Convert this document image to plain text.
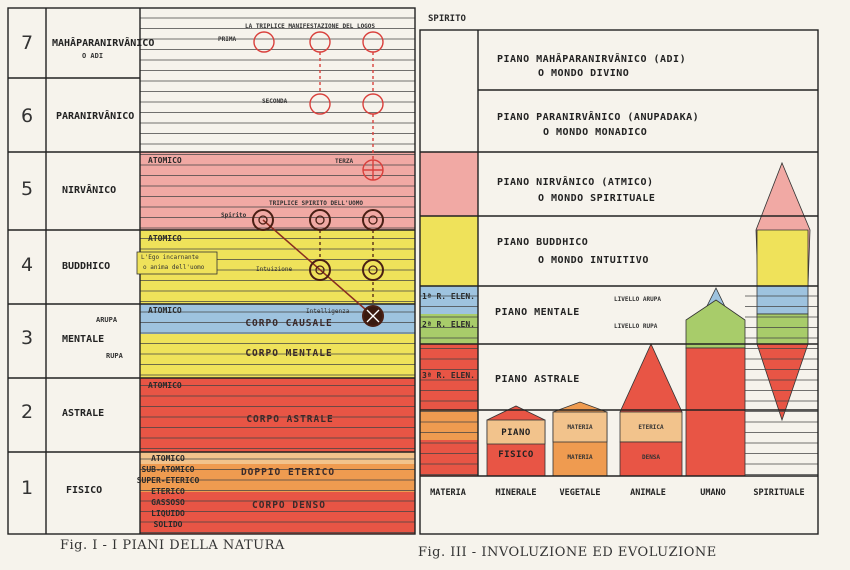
7 MAHÂPARANIRVÂNICO
O ADI
6 PARANIRVÂNICO
5	NIRVÂNICO
4	BUDDHICO
3	MENTALE
ARUPA
RUPA
2	ASTRALE
1	FISICO
LA TRIPLICE MANIFESTAZIONE DEL LOGOS
PRIMA
SECONDA
TERZA
ATOMICO
TRIPLICE SPIRITO DELL'UOMO
Spirito
ATOMICO
L'Ego incarnante
o anima dell'uomo	Intuizione
Intelligenza
ATOMICO
CORPO CAUSALE
CORPO MENTALE
ATOMICO
CORPO ASTRALE
DOPPIO ETERICO
CORPO DENSO
ATOMICO
SUB-ATOMICO
SUPER-ETERICO
ETERICO
GASSOSO
LIQUIDO
SOLIDO
Fig. I - I PIANI DELLA NATURA
SPIRITO
PIANO MAHÂPARANIRVÂNICO (ADI)
O MONDO DIVINO
PIANO PARANIRVÂNICO (ANUPADAKA)
O MONDO MONADICO
PIANO NIRVÂNICO (ATMICO)
O MONDO SPIRITUALE
PIANO BUDDHICO
O MONDO INTUITIVO
PIANO MENTALE
LIVELLO ARUPA
LIVELLO RUPA
PIANO ASTRALE
1ª R. ELEN.
2ª R. ELEN.
3ª R. ELEN.
PIANO
FISICO
MATERIA
MATERIA
ETERICA
DENSA
MATERIA	MINERALE	VEGETALE	ANIMALE	UMANO	SPIRITUALE
Fig. III - INVOLUZIONE ED EVOLUZIONE
